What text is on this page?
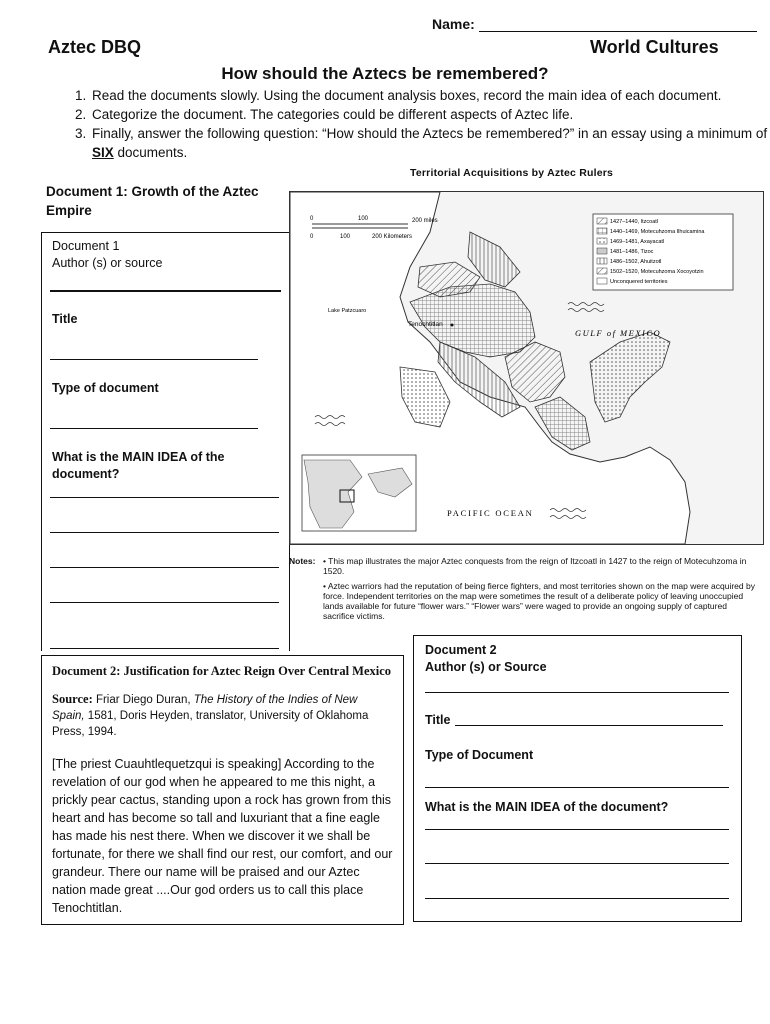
Name:
Aztec DBQ	World Cultures
How should the Aztecs be remembered?
1. Read the documents slowly. Using the document analysis boxes, record the main idea of each document.
2. Categorize the document. The categories could be different aspects of Aztec life.
3. Finally, answer the following question: “How should the Aztecs be remembered?” in an essay using a minimum of SIX documents.
Document 1: Growth of the Aztec Empire
Document 1
Author (s) or source
Title
Type of document
What is the MAIN IDEA of the document?
Territorial Acquisitions by Aztec Rulers
0	100	200 miles
0	100	200 Kilometers
1427–1440, Itzcoatl
1440–1469, Motecuhzoma Ilhuicamina
1469–1481, Axayacatl
1481–1486, Tizoc
1486–1502, Ahuitzotl
1502–1520, Motecuhzoma Xocoyotzin
Unconquered territories
Lake Patzcuaro
Tenochtitlan
GULF of MEXICO
PACIFIC OCEAN
Notes: • This map illustrates the major Aztec conquests from the reign of Itzcoatl in 1427 to the reign of Motecuhzoma in 1520.
• Aztec warriors had the reputation of being fierce fighters, and most territories shown on the map were acquired by force. Independent territories on the map were sometimes the result of a deliberate policy of leaving unoccupied lands available for future “flower wars.” “Flower wars” were waged to provide an ongoing supply of captured sacrifice victims.
Document 2: Justification for Aztec Reign Over Central Mexico
Source: Friar Diego Duran, The History of the Indies of New Spain, 1581, Doris Heyden, translator, University of Oklahoma Press, 1994.
[The priest Cuauhtlequetzqui is speaking] According to the revelation of our god when he appeared to me this night, a prickly pear cactus, standing upon a rock has grown from this heart and has become so tall and luxuriant that a fine eagle has made his nest there. When we discover it we shall be fortunate, for there we shall find our rest, our comfort, and our grandeur. There our name will be praised and our Aztec nation made great ....Our god orders us to call this place Tenochtitlan.
Document 2
Author (s) or Source
Title
Type of Document
What is the MAIN IDEA of the document?
